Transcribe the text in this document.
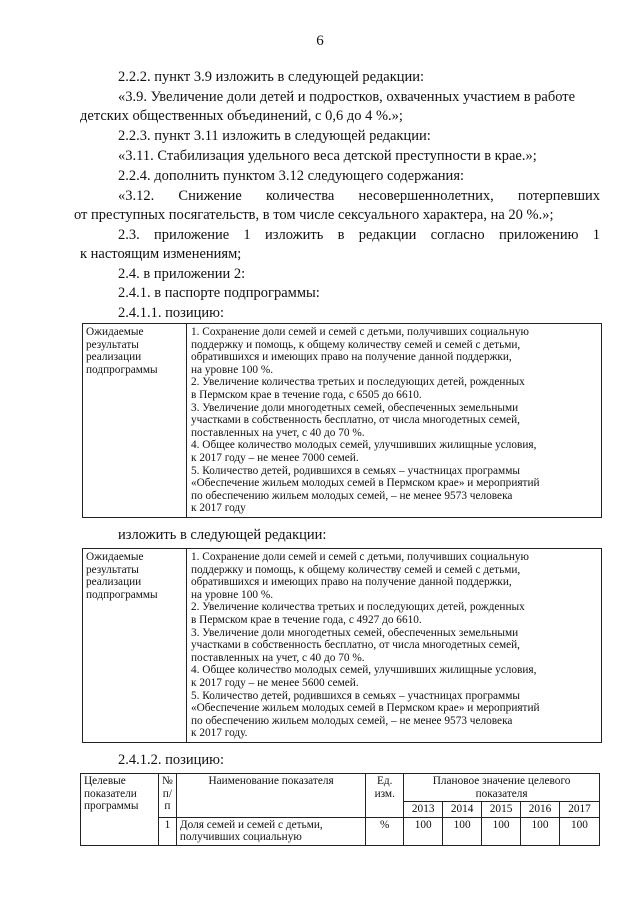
6

2.2.2. пункт 3.9 изложить в следующей редакции:

«3.9. Увеличение доли детей и подростков, охваченных участием в работе

детских общественных объединений, с 0,6 до 4 %.»;

2.2.3. пункт 3.11 изложить в следующей редакции:

«3.11. Стабилизация удельного веса детской преступности в крае.»;

2.2.4. дополнить пунктом 3.12 следующего содержания:

«3.12. Снижение количества несовершеннолетних, потерпевших

от преступных посягательств, в том числе сексуального характера, на 20 %.»;

2.3. приложение 1 изложить в редакции согласно приложению 1

к настоящим изменениям;

2.4. в приложении 2:

2.4.1. в паспорте подпрограммы:

2.4.1.1. позицию:

Ожидаемые результаты реализации подпрограммы
1. Сохранение доли семей и семей с детьми, получивших социальную
поддержку и помощь, к общему количеству семей и семей с детьми,
обратившихся и имеющих право на получение данной поддержки,
на уровне 100 %.
2. Увеличение количества третьих и последующих детей, рожденных
в Пермском крае в течение года, с 6505 до 6610.
3. Увеличение доли многодетных семей, обеспеченных земельными
участками в собственность бесплатно, от числа многодетных семей,
поставленных на учет, с 40 до 70 %.
4. Общее количество молодых семей, улучшивших жилищные условия,
к 2017 году – не менее 7000 семей.
5. Количество детей, родившихся в семьях – участницах программы
«Обеспечение жильем молодых семей в Пермском крае» и мероприятий
по обеспечению жильем молодых семей, – не менее 9573 человека
к 2017 году

изложить в следующей редакции:

Ожидаемые результаты реализации подпрограммы
1. Сохранение доли семей и семей с детьми, получивших социальную
поддержку и помощь, к общему количеству семей и семей с детьми,
обратившихся и имеющих право на получение данной поддержки,
на уровне 100 %.
2. Увеличение количества третьих и последующих детей, рожденных
в Пермском крае в течение года, с 4927 до 6610.
3. Увеличение доли многодетных семей, обеспеченных земельными
участками в собственность бесплатно, от числа многодетных семей,
поставленных на учет, с 40 до 70 %.
4. Общее количество молодых семей, улучшивших жилищные условия,
к 2017 году – не менее 5600 семей.
5. Количество детей, родившихся в семьях – участницах программы
«Обеспечение жильем молодых семей в Пермском крае» и мероприятий
по обеспечению жильем молодых семей, – не менее 9573 человека
к 2017 году.

2.4.1.2. позицию:

Целевые показатели программы	№ п/п	Наименование показателя	Ед. изм.	Плановое значение целевого показателя				
				2013	2014	2015	2016	2017
	1	Доля семей и семей с детьми, получивших социальную	%	100	100	100	100	100
